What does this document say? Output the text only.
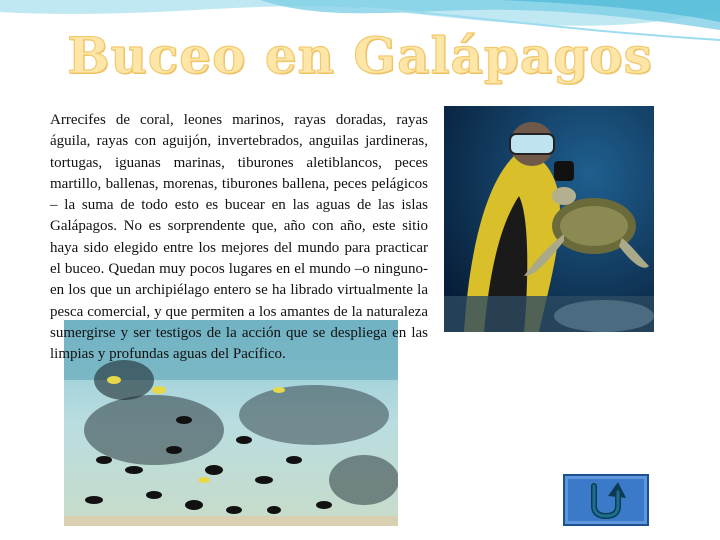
Buceo en Galápagos

Arrecifes de coral, leones marinos, rayas doradas, rayas águila, rayas con aguijón, invertebrados, anguilas jardineras, tortugas, iguanas marinas, tiburones aletiblancos, peces martillo, ballenas, morenas, tiburones ballena, peces pelágicos – la suma de todo esto es bucear en las aguas de las islas Galápagos. No es sorprendente que, año con año, este sitio haya sido elegido entre los mejores del mundo para practicar el buceo. Quedan muy pocos lugares en el mundo –o ninguno- en los que un archipiélago entero se ha librado virtualmente la pesca comercial, y que permiten a los amantes de la naturaleza sumergirse y ser testigos de la acción que se despliega en las limpias y profundas aguas del Pacífico.
